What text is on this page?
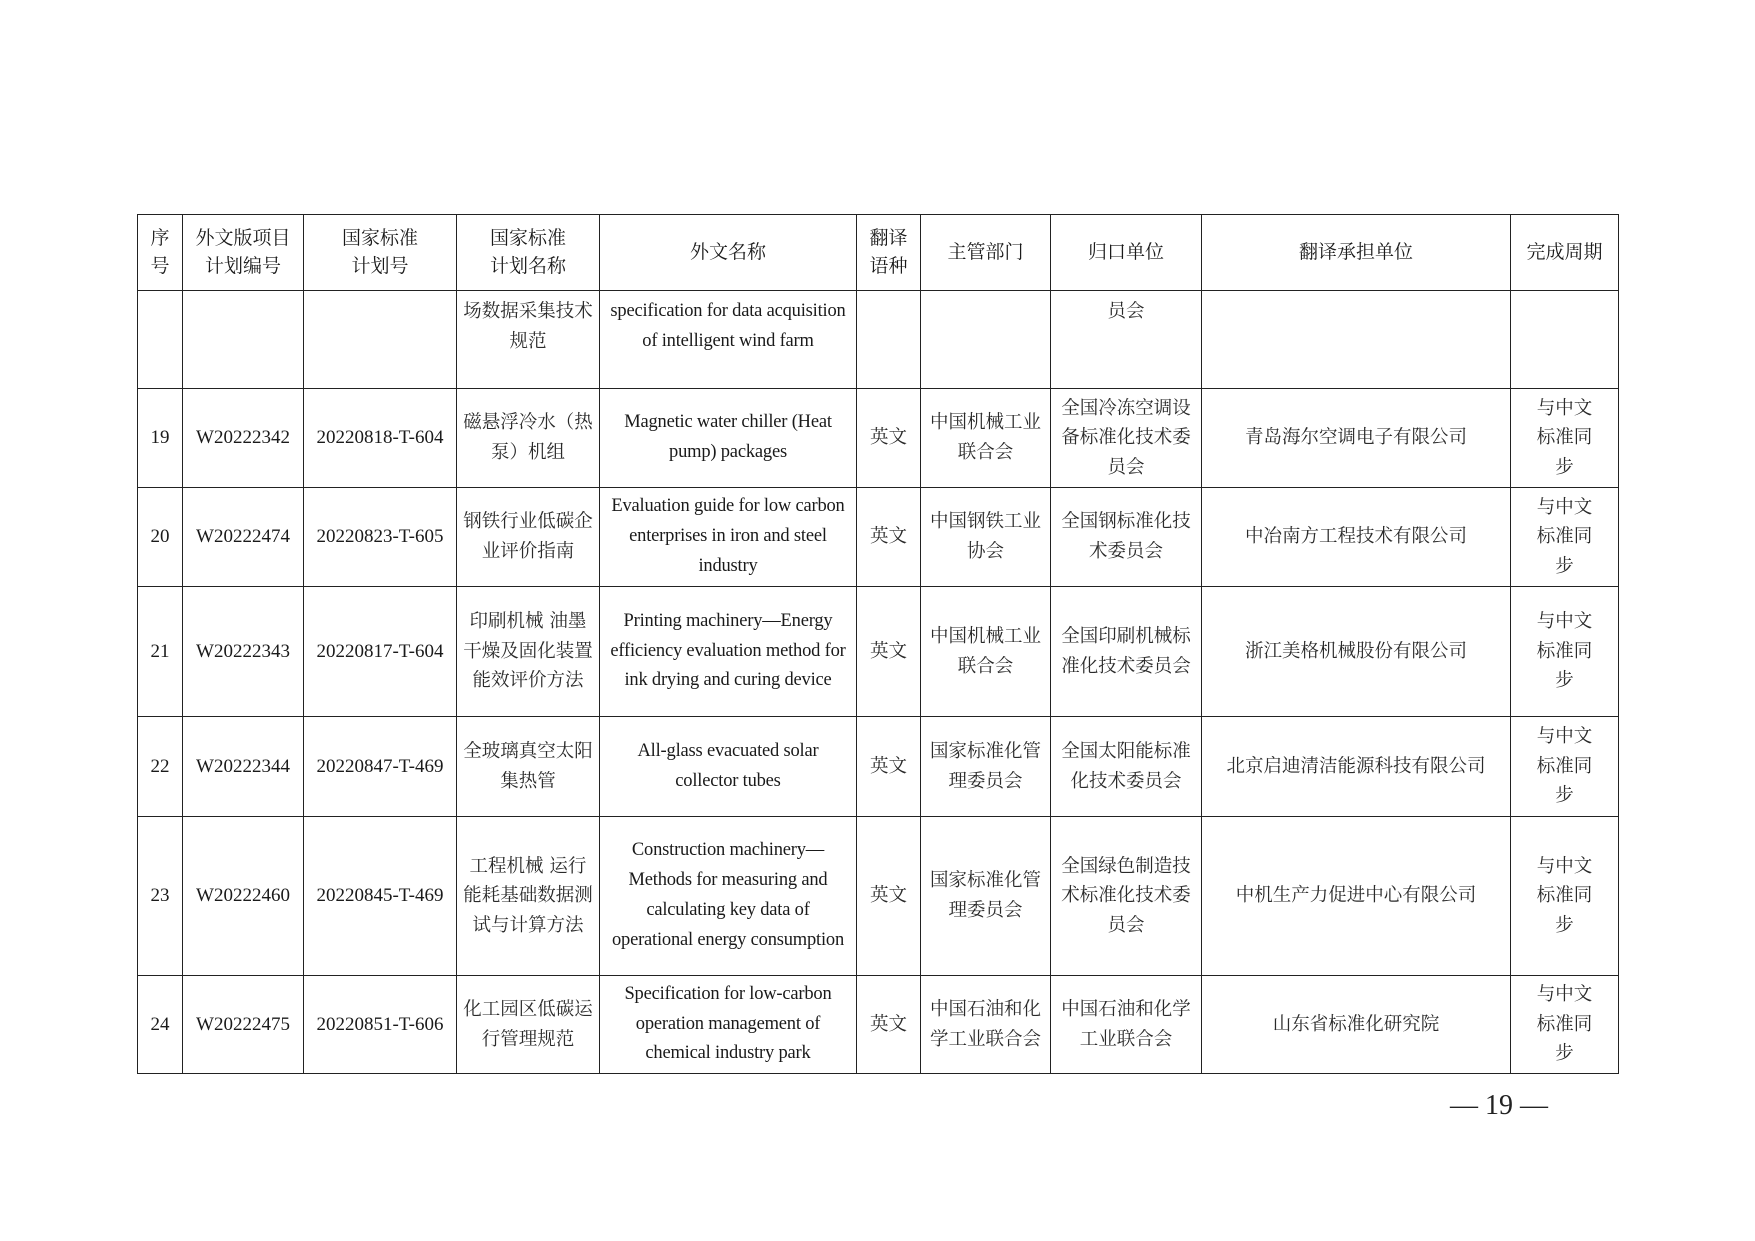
序号	外文版项目计划编号	国家标准计划号	国家标准计划名称	外文名称	翻译语种	主管部门	归口单位	翻译承担单位	完成周期
			场数据采集技术规范	specification for data acquisition of intelligent wind farm			员会		
19	W20222342	20220818-T-604	磁悬浮冷水（热泵）机组	Magnetic water chiller (Heat pump) packages	英文	中国机械工业联合会	全国冷冻空调设备标准化技术委员会	青岛海尔空调电子有限公司	与中文标准同步
20	W20222474	20220823-T-605	钢铁行业低碳企业评价指南	Evaluation guide for low carbon enterprises in iron and steel industry	英文	中国钢铁工业协会	全国钢标准化技术委员会	中冶南方工程技术有限公司	与中文标准同步
21	W20222343	20220817-T-604	印刷机械 油墨干燥及固化装置能效评价方法	Printing machinery—Energy efficiency evaluation method for ink drying and curing device	英文	中国机械工业联合会	全国印刷机械标准化技术委员会	浙江美格机械股份有限公司	与中文标准同步
22	W20222344	20220847-T-469	全玻璃真空太阳集热管	All-glass evacuated solar collector tubes	英文	国家标准化管理委员会	全国太阳能标准化技术委员会	北京启迪清洁能源科技有限公司	与中文标准同步
23	W20222460	20220845-T-469	工程机械 运行能耗基础数据测试与计算方法	Construction machinery—Methods for measuring and calculating key data of operational energy consumption	英文	国家标准化管理委员会	全国绿色制造技术标准化技术委员会	中机生产力促进中心有限公司	与中文标准同步
24	W20222475	20220851-T-606	化工园区低碳运行管理规范	Specification for low-carbon operation management of chemical industry park	英文	中国石油和化学工业联合会	中国石油和化学工业联合会	山东省标准化研究院	与中文标准同步
— 19 —
